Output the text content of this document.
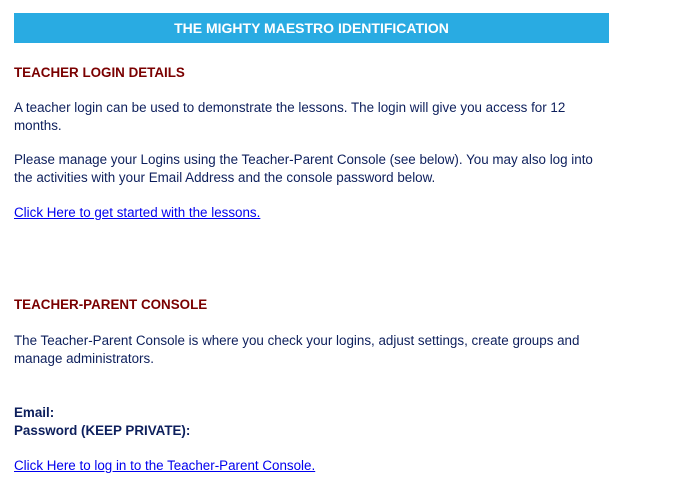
THE MIGHTY MAESTRO IDENTIFICATION
TEACHER LOGIN DETAILS

A teacher login can be used to demonstrate the lessons. The login will give you access for 12 months.

Please manage your Logins using the Teacher-Parent Console (see below). You may also log into the activities with your Email Address and the console password below.

Click Here to get started with the lessons.
TEACHER-PARENT CONSOLE

The Teacher-Parent Console is where you check your logins, adjust settings, create groups and manage administrators.

Email:
Password (KEEP PRIVATE):
Click Here to log in to the Teacher-Parent Console.
